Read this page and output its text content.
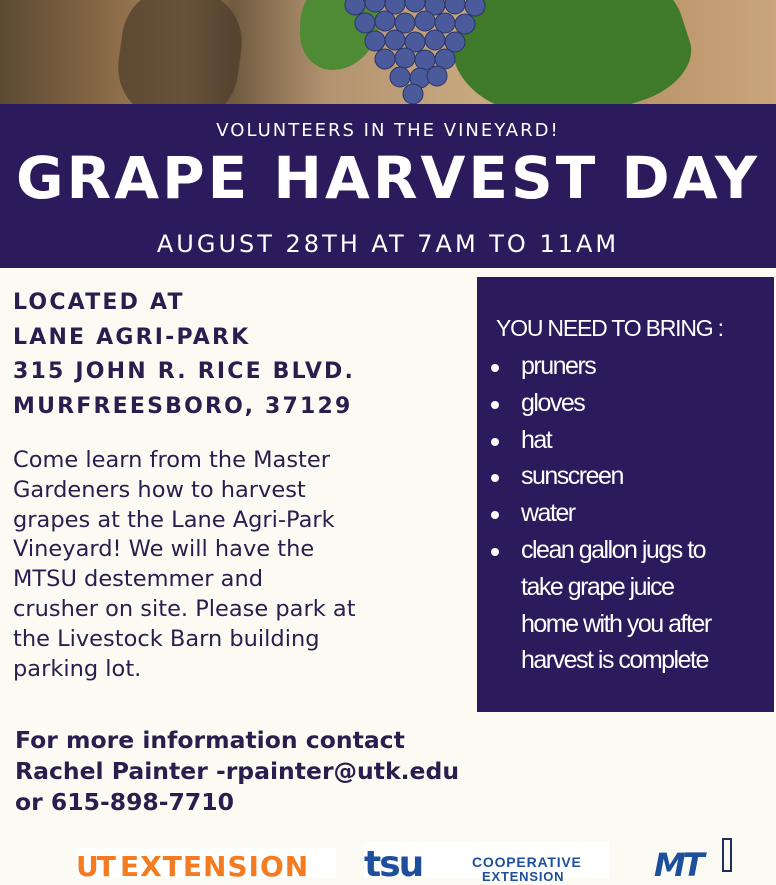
VOLUNTEERS IN THE VINEYARD!
GRAPE HARVEST DAY
AUGUST 28TH AT 7AM TO 11AM
LOCATED AT
LANE AGRI-PARK
315 JOHN R. RICE BLVD.
MURFREESBORO, 37129
Come learn from the Master
Gardeners how to harvest
grapes at the Lane Agri-Park
Vineyard! We will have the
MTSU destemmer and
crusher on site. Please park at
the Livestock Barn building
parking lot.
YOU NEED TO BRING :
pruners
gloves
hat
sunscreen
water
clean gallon jugs to
take grape juice
home with you after
harvest is complete
For more information contact
Rachel Painter -rpainter@utk.edu
or 615-898-7710
UT EXTENSION tsu	COOPERATIVE
EXTENSION	MT
